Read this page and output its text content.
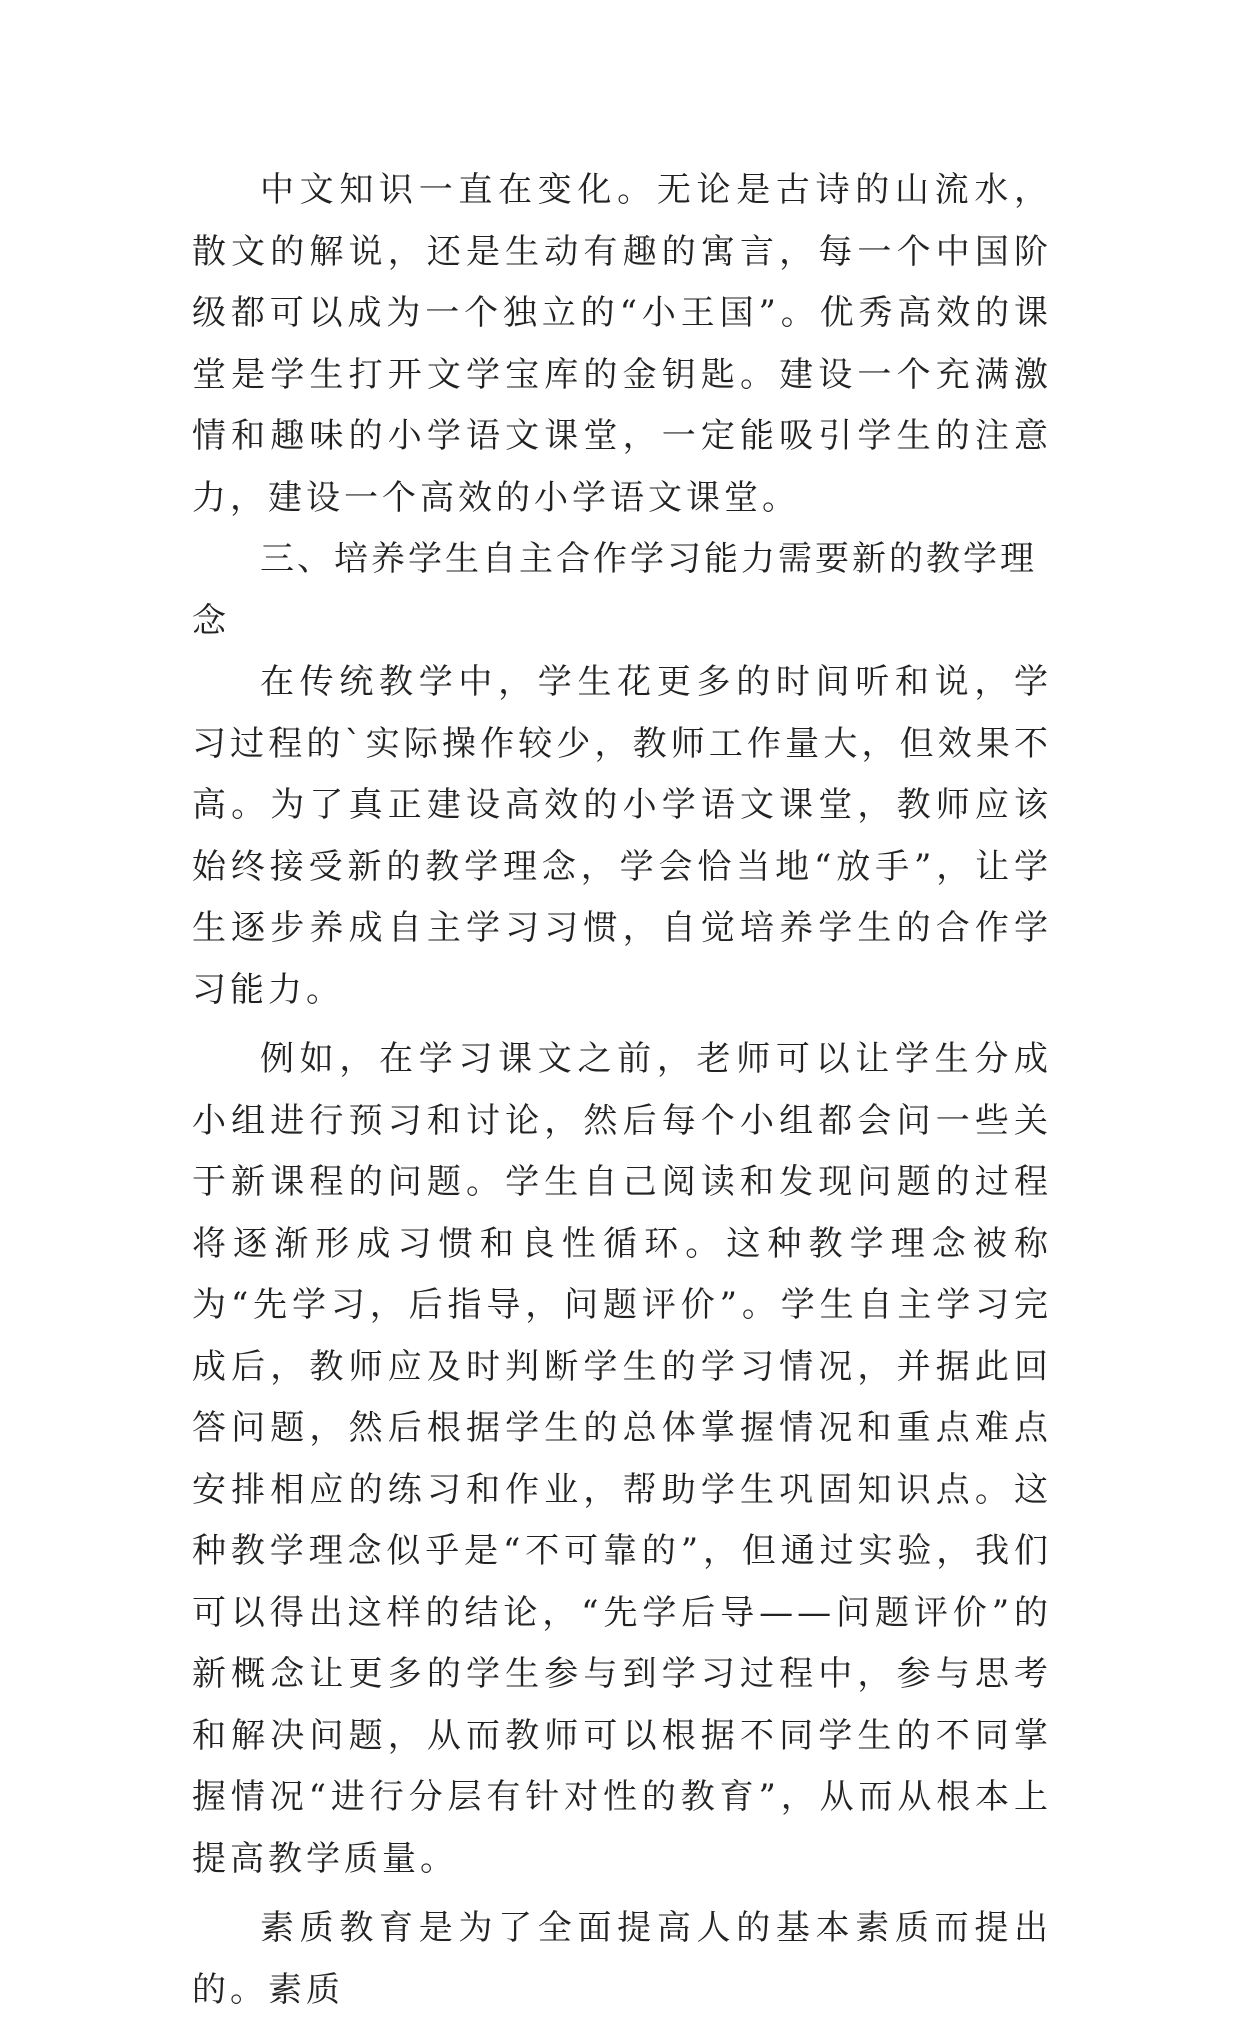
中文知识一直在变化。无论是古诗的山流水，散文的解说，还是生动有趣的寓言，每一个中国阶级都可以成为一个独立的“小王国”。优秀高效的课堂是学生打开文学宝库的金钥匙。建设一个充满激情和趣味的小学语文课堂，一定能吸引学生的注意力，建设一个高效的小学语文课堂。

三、培养学生自主合作学习能力需要新的教学理念

在传统教学中，学生花更多的时间听和说，学习过程的`实际操作较少，教师工作量大，但效果不高。为了真正建设高效的小学语文课堂，教师应该始终接受新的教学理念，学会恰当地“放手”，让学生逐步养成自主学习习惯，自觉培养学生的合作学习能力。

例如，在学习课文之前，老师可以让学生分成小组进行预习和讨论，然后每个小组都会问一些关于新课程的问题。学生自己阅读和发现问题的过程将逐渐形成习惯和良性循环。这种教学理念被称为“先学习，后指导，问题评价”。学生自主学习完成后，教师应及时判断学生的学习情况，并据此回答问题，然后根据学生的总体掌握情况和重点难点安排相应的练习和作业，帮助学生巩固知识点。这种教学理念似乎是“不可靠的”，但通过实验，我们可以得出这样的结论，“先学后导——问题评价”的新概念让更多的学生参与到学习过程中，参与思考和解决问题，从而教师可以根据不同学生的不同掌握情况“进行分层有针对性的教育”，从而从根本上提高教学质量。

素质教育是为了全面提高人的基本素质而提出的。素质
